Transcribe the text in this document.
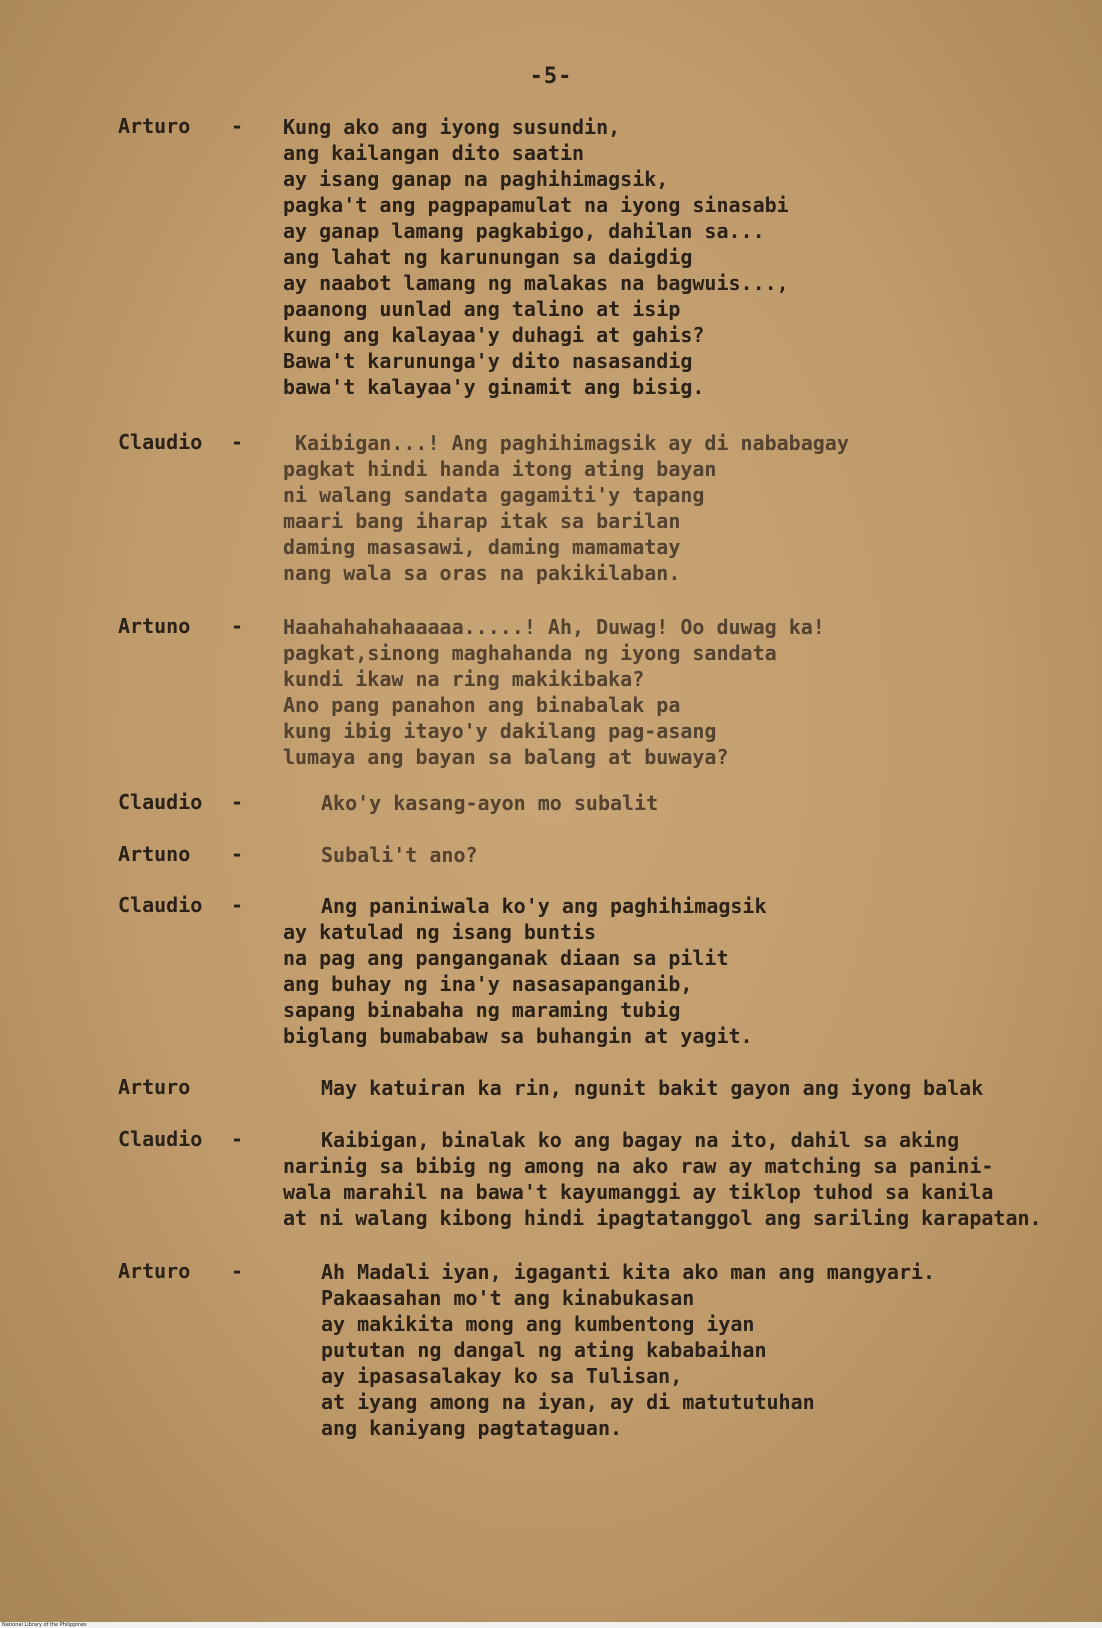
-5-
Arturo	- Kung ako ang iyong susundin,
ang kailangan dito saatin
ay isang ganap na paghihimagsik,
pagka't ang pagpapamulat na iyong sinasabi
ay ganap lamang pagkabigo, dahilan sa...
ang lahat ng karunungan sa daigdig
ay naabot lamang ng malakas na bagwuis...,
paanong uunlad ang talino at isip
kung ang kalayaa'y duhagi at gahis?
Bawa't karununga'y dito nasasandig
bawa't kalayaa'y ginamit ang bisig.
Claudio	-	Kaibigan...! Ang paghihimagsik ay di nababagay
pagkat hindi handa itong ating bayan
ni walang sandata gagamiti'y tapang
maari bang iharap itak sa barilan
daming masasawi, daming mamamatay
nang wala sa oras na pakikilaban.
Artuno	- Haahahahahaaaaa.....! Ah, Duwag! Oo duwag ka!
pagkat,sinong maghahanda ng iyong sandata
kundi ikaw na ring makikibaka?
Ano pang panahon ang binabalak pa
kung ibig itayo'y dakilang pag-asang
lumaya ang bayan sa balang at buwaya?
Claudio	-	Ako'y kasang-ayon mo subalit
Artuno	-	Subali't ano?
Claudio	-	Ang paniniwala ko'y ang paghihimagsik
ay katulad ng isang buntis
na pag ang panganganak diaan sa pilit
ang buhay ng ina'y nasasapanganib,
sapang binabaha ng maraming tubig
biglang bumababaw sa buhangin at yagit.
Arturo	May katuiran ka rin, ngunit bakit gayon ang iyong balak
Claudio	-	Kaibigan, binalak ko ang bagay na ito, dahil sa aking
narinig sa bibig ng among na ako raw ay matching sa panini-
wala marahil na bawa't kayumanggi ay tiklop tuhod sa kanila
at ni walang kibong hindi ipagtatanggol ang sariling karapatan.
Arturo	-	Ah Madali iyan, igaganti kita ako man ang mangyari.
Pakaasahan mo't ang kinabukasan
ay makikita mong ang kumbentong iyan
pututan ng dangal ng ating kababaihan
ay ipasasalakay ko sa Tulisan,
at iyang among na iyan, ay di matututuhan
ang kaniyang pagtataguan.
National Library of the Philippines
